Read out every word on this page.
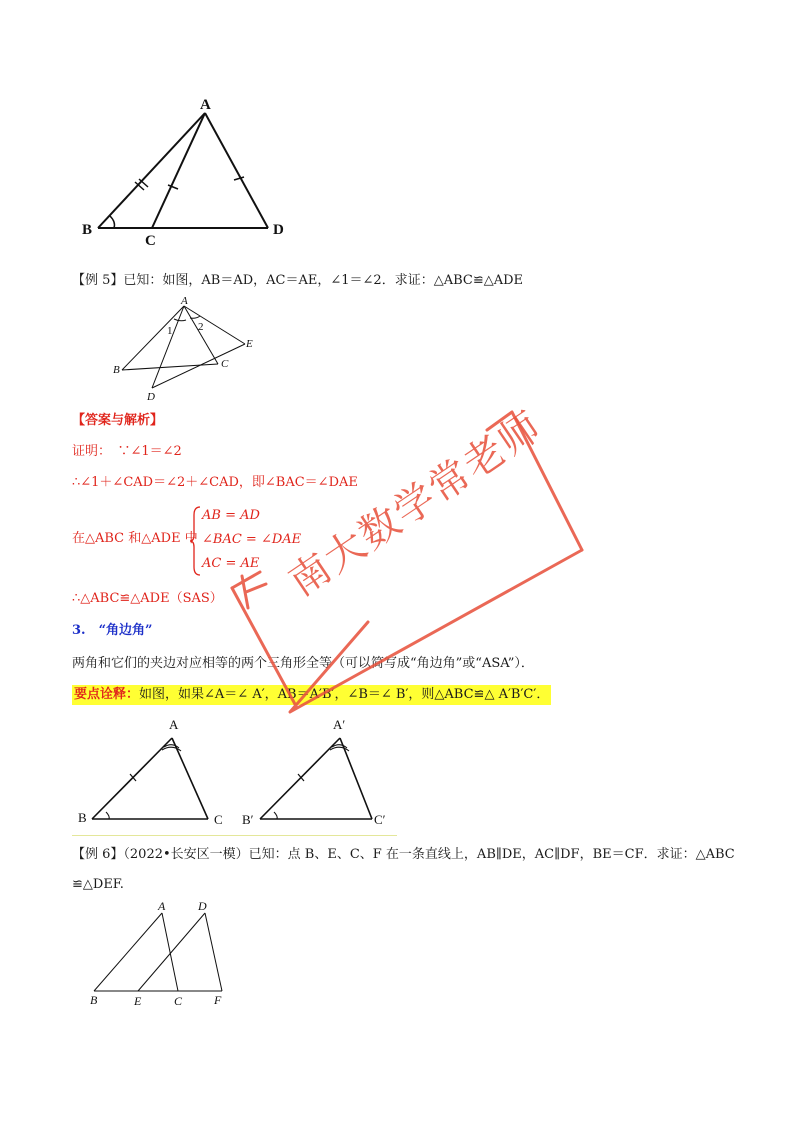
A
B
C
D
【例 5】已知：如图，AB＝AD，AC＝AE，∠1＝∠2．求证：△ABC≌△ADE
A
1 2
E
C
B
D
【答案与解析】
证明：　∵∠1＝∠2
∴∠1＋∠CAD＝∠2＋∠CAD，即∠BAC＝∠DAE
在△ABC 和△ADE 中
AB = AD
∠BAC = ∠DAE
AC = AE
∴△ABC≌△ADE（SAS）
3.　“角边角”
两角和它们的夹边对应相等的两个三角形全等（可以简写成“角边角”或“ASA”）．
要点诠释：如图，如果∠A＝∠ A′，AB＝A′B′，∠B＝∠ B′，则△ABC≌△ A′B′C′．
A
B	C
A′
B′	C′
【例 6】（2022•长安区一模）已知：点 B、E、C、F 在一条直线上，AB∥DE，AC∥DF，BE＝CF．求证：△ABC
≌△DEF.
A	D
B	E	C	F
南大数学常老师
